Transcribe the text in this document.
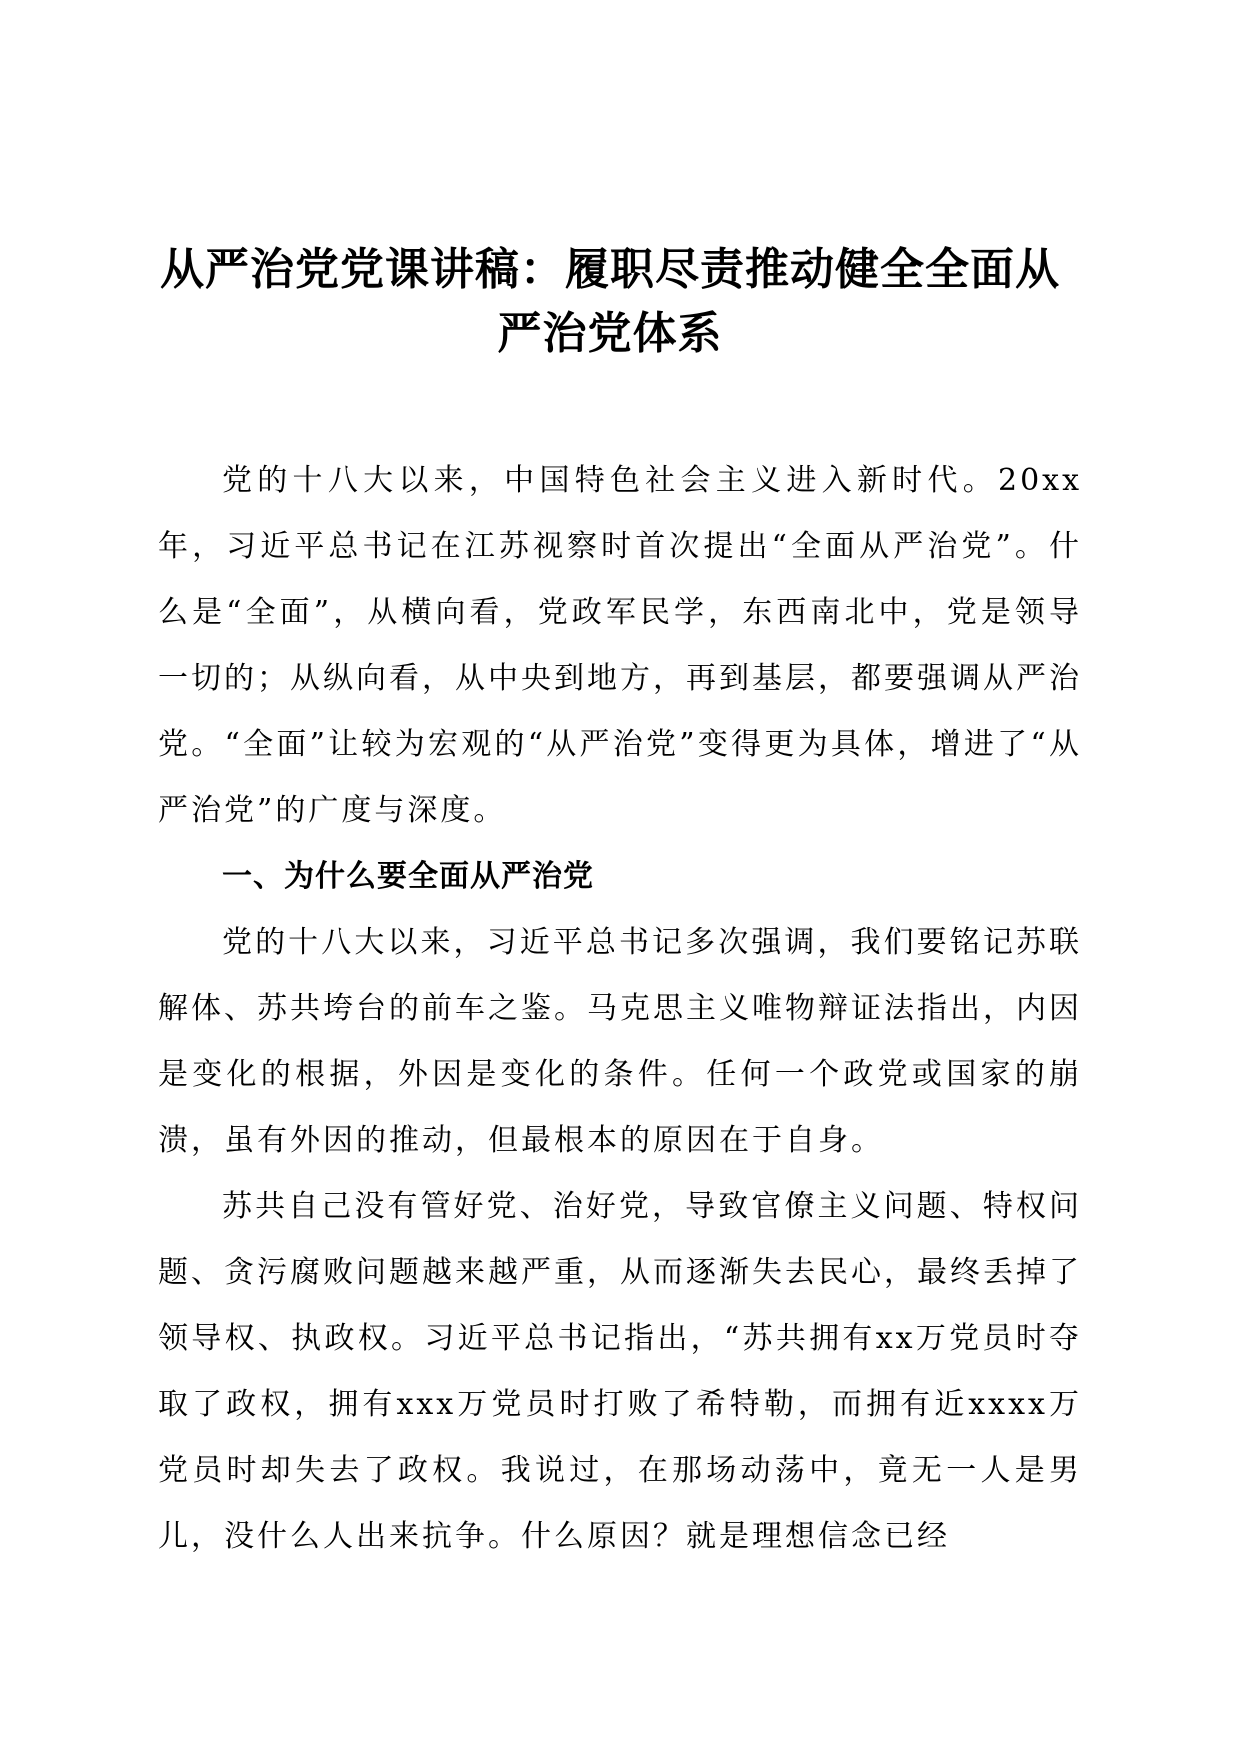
从严治党党课讲稿：履职尽责推动健全全面从严治党体系

党的十八大以来，中国特色社会主义进入新时代。20xx年，习近平总书记在江苏视察时首次提出“全面从严治党”。什么是“全面”，从横向看，党政军民学，东西南北中，党是领导一切的；从纵向看，从中央到地方，再到基层，都要强调从严治党。“全面”让较为宏观的“从严治党”变得更为具体，增进了“从严治党”的广度与深度。

一、为什么要全面从严治党

党的十八大以来，习近平总书记多次强调，我们要铭记苏联解体、苏共垮台的前车之鉴。马克思主义唯物辩证法指出，内因是变化的根据，外因是变化的条件。任何一个政党或国家的崩溃，虽有外因的推动，但最根本的原因在于自身。

苏共自己没有管好党、治好党，导致官僚主义问题、特权问题、贪污腐败问题越来越严重，从而逐渐失去民心，最终丢掉了领导权、执政权。习近平总书记指出，“苏共拥有xx万党员时夺取了政权，拥有xxx万党员时打败了希特勒，而拥有近xxxx万党员时却失去了政权。我说过，在那场动荡中，竟无一人是男儿，没什么人出来抗争。什么原因？就是理想信念已经
